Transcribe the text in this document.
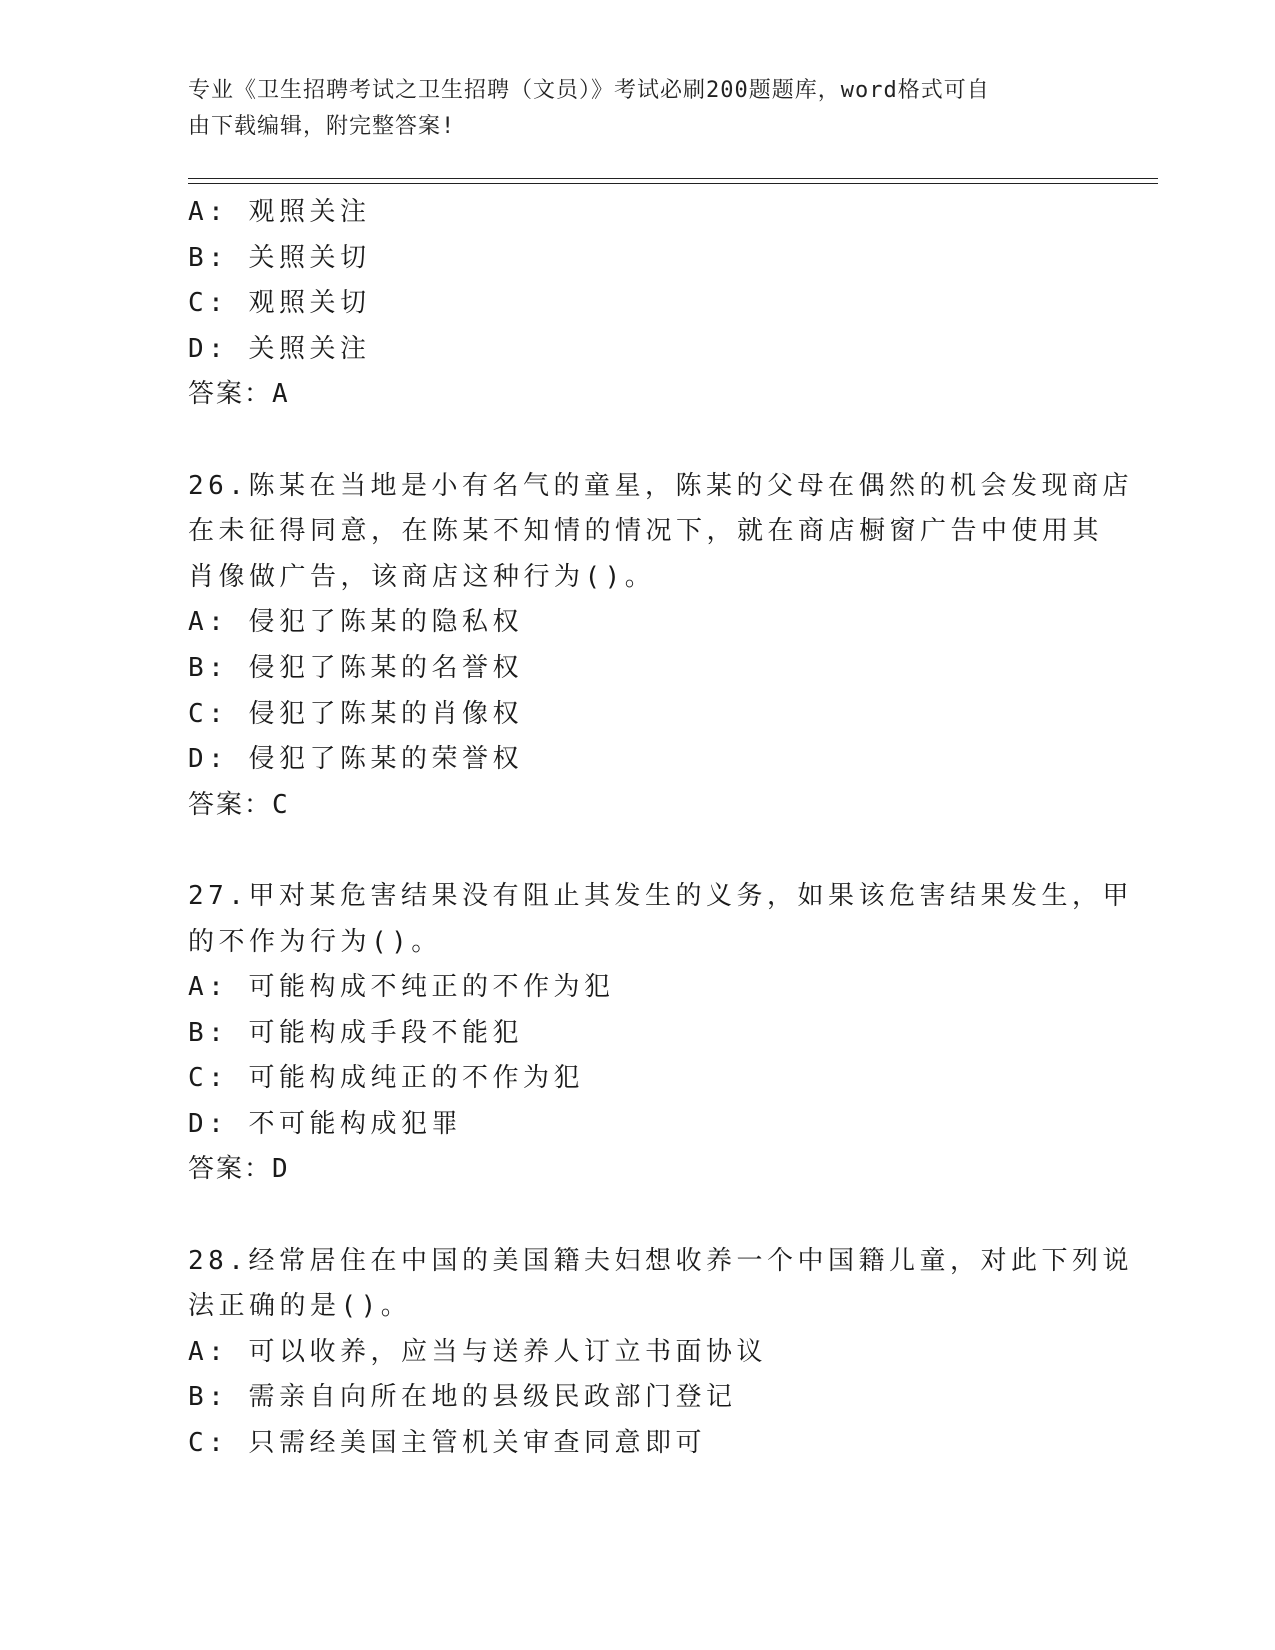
专业《卫生招聘考试之卫生招聘（文员）》考试必刷200题题库，word格式可自
由下载编辑，附完整答案!
A: 观照关注
B: 关照关切
C: 观照关切
D: 关照关注
答案：A
26.陈某在当地是小有名气的童星，陈某的父母在偶然的机会发现商店
在未征得同意，在陈某不知情的情况下，就在商店橱窗广告中使用其
肖像做广告，该商店这种行为()。
A: 侵犯了陈某的隐私权
B: 侵犯了陈某的名誉权
C: 侵犯了陈某的肖像权
D: 侵犯了陈某的荣誉权
答案：C
27.甲对某危害结果没有阻止其发生的义务，如果该危害结果发生，甲
的不作为行为()。
A: 可能构成不纯正的不作为犯
B: 可能构成手段不能犯
C: 可能构成纯正的不作为犯
D: 不可能构成犯罪
答案：D
28.经常居住在中国的美国籍夫妇想收养一个中国籍儿童，对此下列说
法正确的是()。
A: 可以收养，应当与送养人订立书面协议
B: 需亲自向所在地的县级民政部门登记
C: 只需经美国主管机关审查同意即可
